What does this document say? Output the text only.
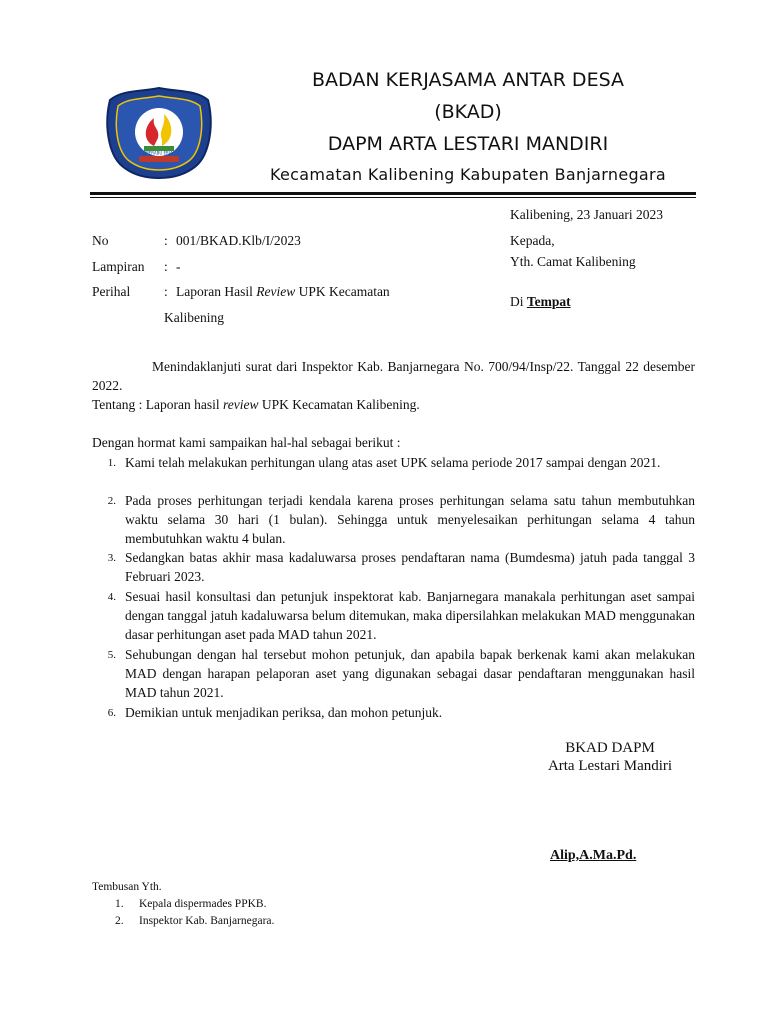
MERABU ERIA
BADAN KERJASAMA ANTAR DESA
(BKAD)
DAPM ARTA LESTARI MANDIRI
Kecamatan Kalibening Kabupaten Banjarnegara
Kalibening, 23 Januari 2023
No	: 001/BKAD.Klb/I/2023
Lampiran : -
Perihal	: Laporan Hasil Review UPK Kecamatan
Kalibening
Kepada,
Yth. Camat Kalibening
Di Tempat
Menindaklanjuti surat dari Inspektor Kab. Banjarnegara No. 700/94/Insp/22. Tanggal 22 desember 2022.
Tentang : Laporan hasil review UPK Kecamatan Kalibening.
Dengan hormat kami sampaikan hal-hal sebagai berikut :
1. Kami telah melakukan perhitungan ulang atas aset UPK selama periode 2017 sampai dengan 2021.
2. Pada proses perhitungan terjadi kendala karena proses perhitungan selama satu tahun membutuhkan waktu selama 30 hari (1 bulan). Sehingga untuk menyelesaikan perhitungan selama 4 tahun membutuhkan waktu 4 bulan.
3. Sedangkan batas akhir masa kadaluwarsa proses pendaftaran nama (Bumdesma) jatuh pada tanggal 3 Februari 2023.
4. Sesuai hasil konsultasi dan petunjuk inspektorat kab. Banjarnegara manakala perhitungan aset sampai dengan tanggal jatuh kadaluwarsa belum ditemukan, maka dipersilahkan melakukan MAD menggunakan dasar perhitungan aset pada MAD tahun 2021.
5. Sehubungan dengan hal tersebut mohon petunjuk, dan apabila bapak berkenak kami akan melakukan MAD dengan harapan pelaporan aset yang digunakan sebagai dasar pendaftaran menggunakan hasil MAD tahun 2021.
6. Demikian untuk menjadikan periksa, dan mohon petunjuk.
BKAD DAPM
Arta Lestari Mandiri
Alip,A.Ma.Pd.
Tembusan Yth.
1. Kepala dispermades PPKB.
2. Inspektor Kab. Banjarnegara.
